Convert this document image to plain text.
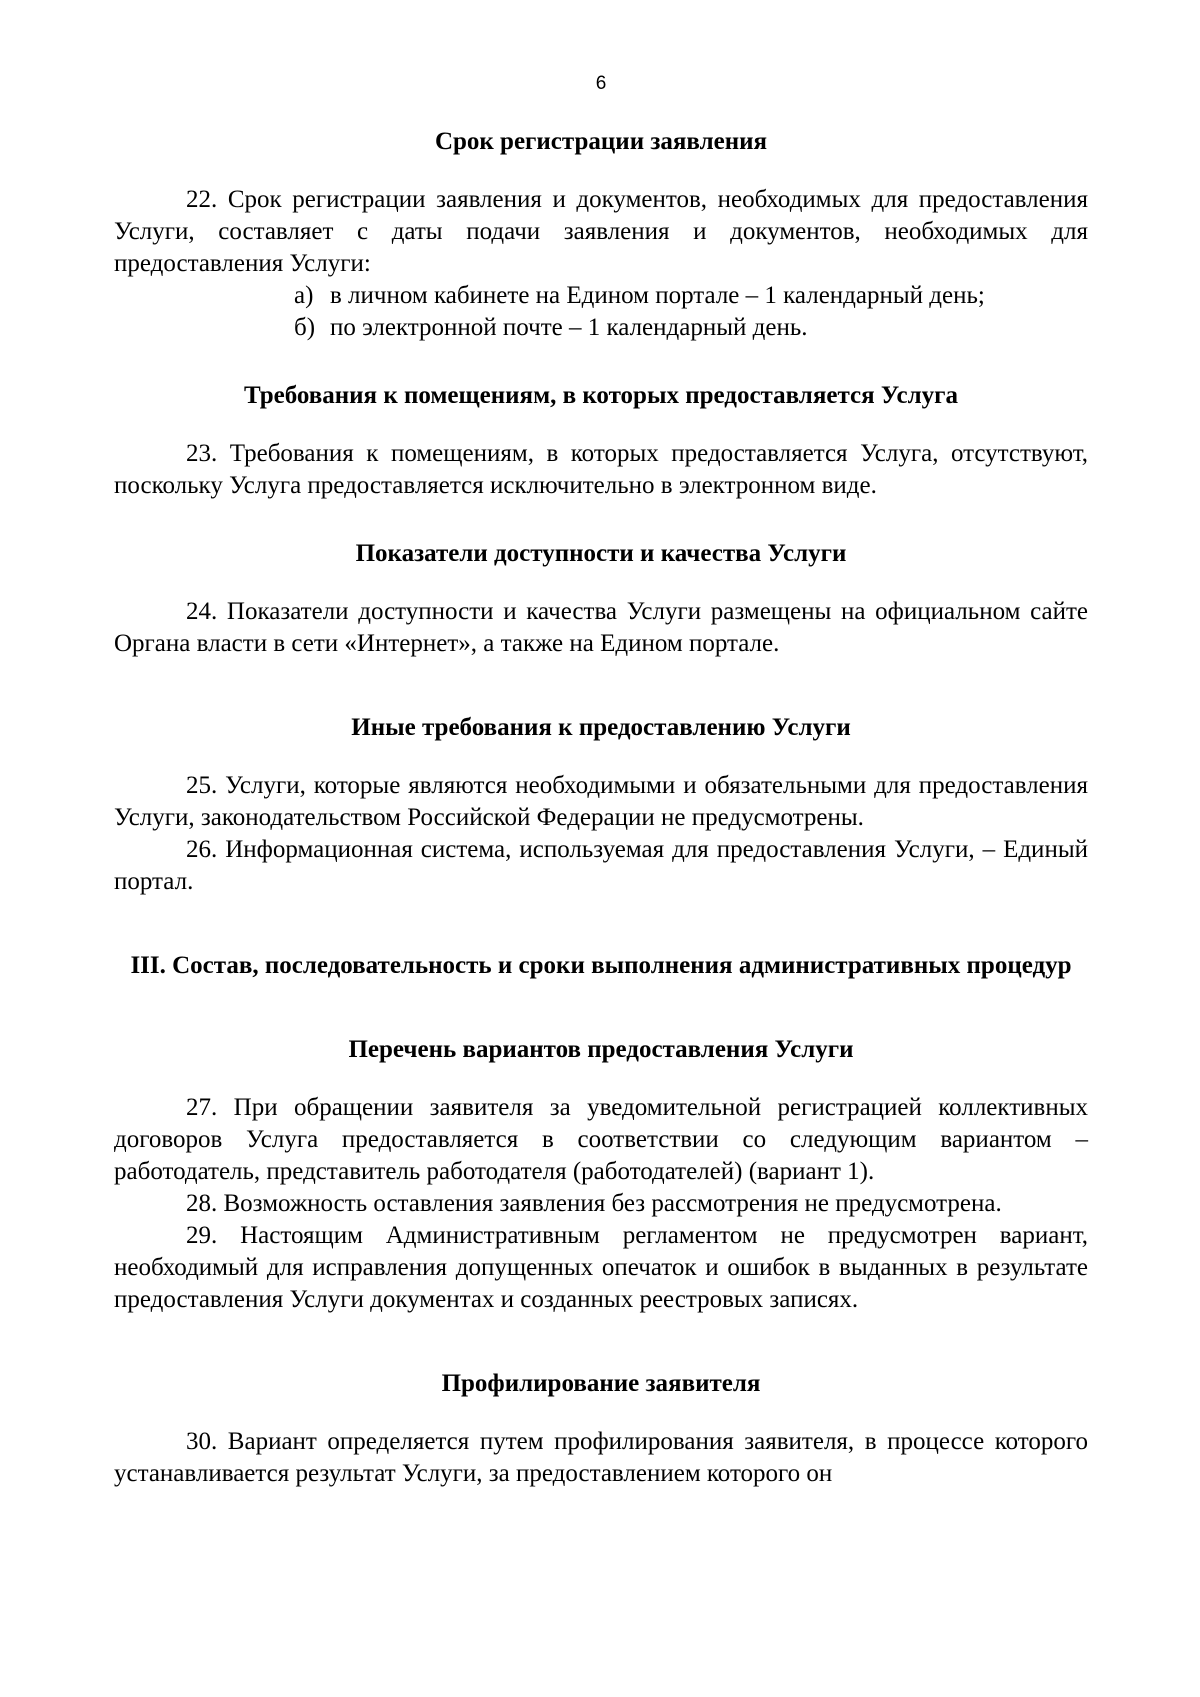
6
Срок регистрации заявления

22. Срок регистрации заявления и документов, необходимых для предоставления Услуги, составляет с даты подачи заявления и документов, необходимых для предоставления Услуги:

а) в личном кабинете на Едином портале – 1 календарный день;
б) по электронной почте – 1 календарный день.
Требования к помещениям, в которых предоставляется Услуга

23. Требования к помещениям, в которых предоставляется Услуга, отсутствуют, поскольку Услуга предоставляется исключительно в электронном виде.

Показатели доступности и качества Услуги

24. Показатели доступности и качества Услуги размещены на официальном сайте Органа власти в сети «Интернет», а также на Едином портале.

Иные требования к предоставлению Услуги

25. Услуги, которые являются необходимыми и обязательными для предоставления Услуги, законодательством Российской Федерации не предусмотрены.

26. Информационная система, используемая для предоставления Услуги, – Единый портал.

III. Состав, последовательность и сроки выполнения административных процедур
Перечень вариантов предоставления Услуги

27. При обращении заявителя за уведомительной регистрацией коллективных договоров Услуга предоставляется в соответствии со следующим вариантом – работодатель, представитель работодателя (работодателей) (вариант 1).

28. Возможность оставления заявления без рассмотрения не предусмотрена.

29. Настоящим Административным регламентом не предусмотрен вариант, необходимый для исправления допущенных опечаток и ошибок в выданных в результате предоставления Услуги документах и созданных реестровых записях.

Профилирование заявителя

30. Вариант определяется путем профилирования заявителя, в процессе которого устанавливается результат Услуги, за предоставлением которого он
